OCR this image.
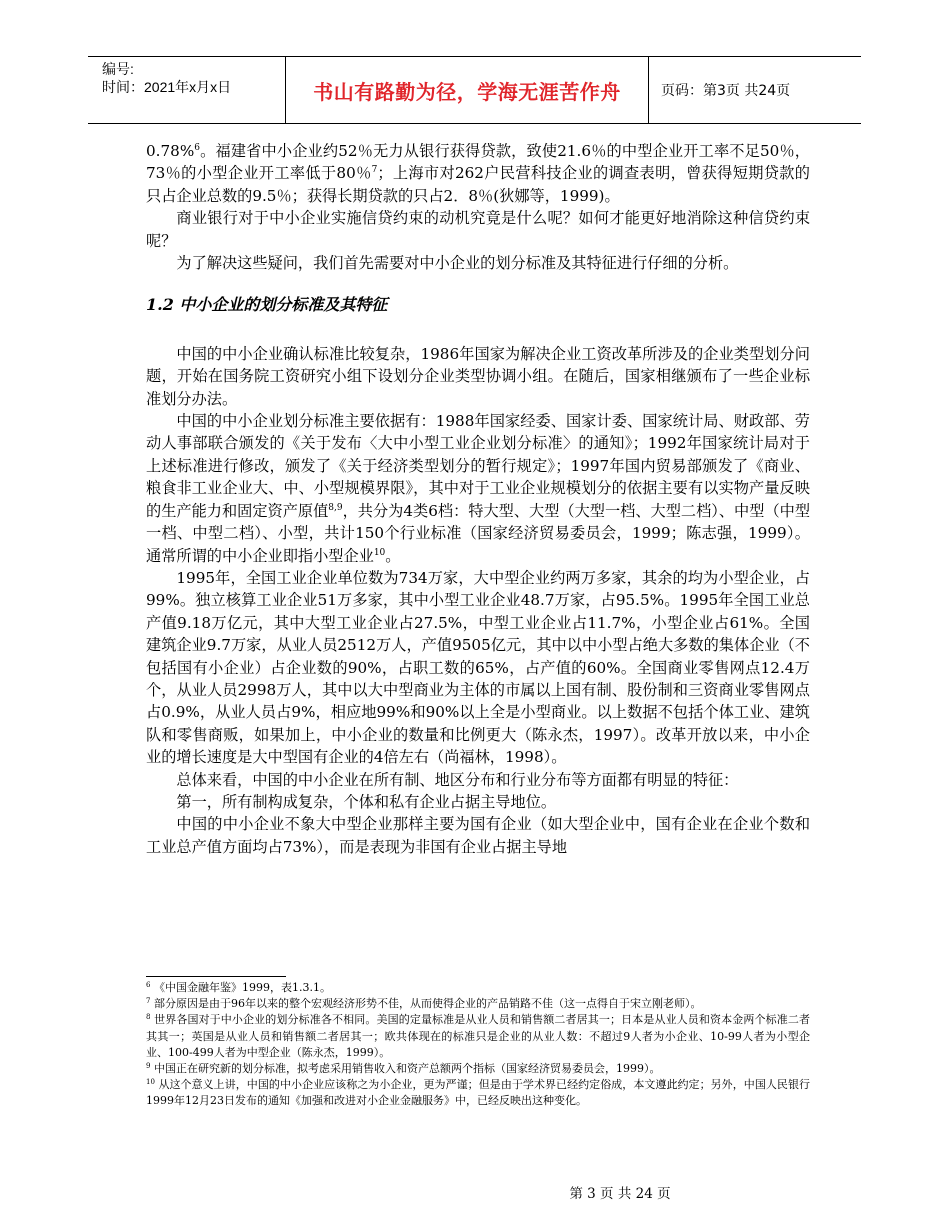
编号:
时间：2021年x月x日	书山有路勤为径，学海无涯苦作舟	页码：第3页 共24页

0.78%$^6$。福建省中小企业约52％无力从银行获得贷款，致使21.6％的中型企业开工率不足50％， 73％的小型企业开工率低于80％$^7$；上海市对262户民营科技企业的调查表明，曾获得短期贷款的只占企业总数的9.5％；获得长期贷款的只占2．8％(狄娜等，1999)。

商业银行对于中小企业实施信贷约束的动机究竟是什么呢？如何才能更好地消除这种信贷约束呢？

为了解决这些疑问，我们首先需要对中小企业的划分标准及其特征进行仔细的分析。

1.2 中小企业的划分标准及其特征

中国的中小企业确认标准比较复杂，1986年国家为解决企业工资改革所涉及的企业类型划分问题，开始在国务院工资研究小组下设划分企业类型协调小组。在随后，国家相继颁布了一些企业标准划分办法。

中国的中小企业划分标准主要依据有：1988年国家经委、国家计委、国家统计局、财政部、劳动人事部联合颁发的《关于发布〈大中小型工业企业划分标准〉的通知》；1992年国家统计局对于上述标准进行修改，颁发了《关于经济类型划分的暂行规定》；1997年国内贸易部颁发了《商业、粮食非工业企业大、中、小型规模界限》，其中对于工业企业规模划分的依据主要有以实物产量反映的生产能力和固定资产原值$^{8,9}$，共分为4类6档：特大型、大型（大型一档、大型二档）、中型（中型一档、中型二档）、小型，共计150个行业标准（国家经济贸易委员会，1999；陈志强，1999）。通常所谓的中小企业即指小型企业$^{10}$。

1995年，全国工业企业单位数为734万家，大中型企业约两万多家，其余的均为小型企业，占99%。独立核算工业企业51万多家，其中小型工业企业48.7万家，占95.5%。1995年全国工业总产值9.18万亿元，其中大型工业企业占27.5%，中型工业企业占11.7%，小型企业占61%。全国建筑企业9.7万家，从业人员2512万人，产值9505亿元，其中以中小型占绝大多数的集体企业（不包括国有小企业）占企业数的90%，占职工数的65%，占产值的60%。全国商业零售网点12.4万个，从业人员2998万人，其中以大中型商业为主体的市属以上国有制、股份制和三资商业零售网点占0.9%，从业人员占9%，相应地99%和90%以上全是小型商业。以上数据不包括个体工业、建筑队和零售商贩，如果加上，中小企业的数量和比例更大（陈永杰，1997）。改革开放以来，中小企业的增长速度是大中型国有企业的4倍左右（尚福林，1998）。

总体来看，中国的中小企业在所有制、地区分布和行业分布等方面都有明显的特征：

第一，所有制构成复杂，个体和私有企业占据主导地位。

中国的中小企业不象大中型企业那样主要为国有企业（如大型企业中，国有企业在企业个数和工业总产值方面均占73%），而是表现为非国有企业占据主导地

$^6$ 《中国金融年鉴》1999，表1.3.1。

$^7$ 部分原因是由于96年以来的整个宏观经济形势不佳，从而使得企业的产品销路不佳（这一点得自于宋立刚老师）。

$^8$ 世界各国对于中小企业的划分标准各不相同。美国的定量标准是从业人员和销售额二者居其一；日本是从业人员和资本金两个标准二者其其一；英国是从业人员和销售额二者居其一；欧共体现在的标准只是企业的从业人数：不超过9人者为小企业、10-99人者为小型企业、100-499人者为中型企业（陈永杰，1999）。

$^9$ 中国正在研究新的划分标准，拟考虑采用销售收入和资产总额两个指标（国家经济贸易委员会，1999）。

$^{10}$ 从这个意义上讲，中国的中小企业应该称之为小企业，更为严谨；但是由于学术界已经约定俗成，本文遵此约定；另外，中国人民银行1999年12月23日发布的通知《加强和改进对小企业金融服务》中，已经反映出这种变化。

第 3 页 共 24 页
